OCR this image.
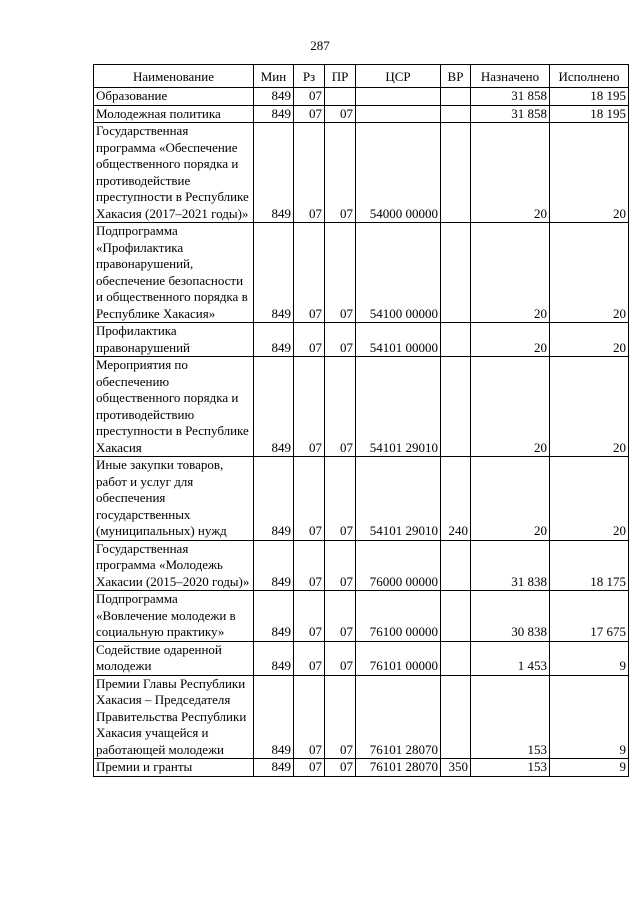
287
Наименование	Мин	Рз	ПР	ЦСР	ВР	Назначено	Исполнено
Образование	849	07				31 858	18 195
Молодежная политика	849	07	07			31 858	18 195
Государственная программа «Обеспечение общественного порядка и противодействие преступности в Республике Хакасия (2017–2021 годы)»	849	07	07	54000 00000		20	20
Подпрограмма «Профилактика правонарушений, обеспечение безопасности и общественного порядка в Республике Хакасия»	849	07	07	54100 00000		20	20
Профилактика правонарушений	849	07	07	54101 00000		20	20
Мероприятия по обеспечению общественного порядка и противодействию преступности в Республике Хакасия	849	07	07	54101 29010		20	20
Иные закупки товаров, работ и услуг для обеспечения государственных (муниципальных) нужд	849	07	07	54101 29010	240	20	20
Государственная программа «Молодежь Хакасии (2015–2020 годы)»	849	07	07	76000 00000		31 838	18 175
Подпрограмма «Вовлечение молодежи в социальную практику»	849	07	07	76100 00000		30 838	17 675
Содействие одаренной молодежи	849	07	07	76101 00000		1 453	9
Премии Главы Республики Хакасия – Председателя Правительства Республики Хакасия учащейся и работающей молодежи	849	07	07	76101 28070		153	9
Премии и гранты	849	07	07	76101 28070	350	153	9
